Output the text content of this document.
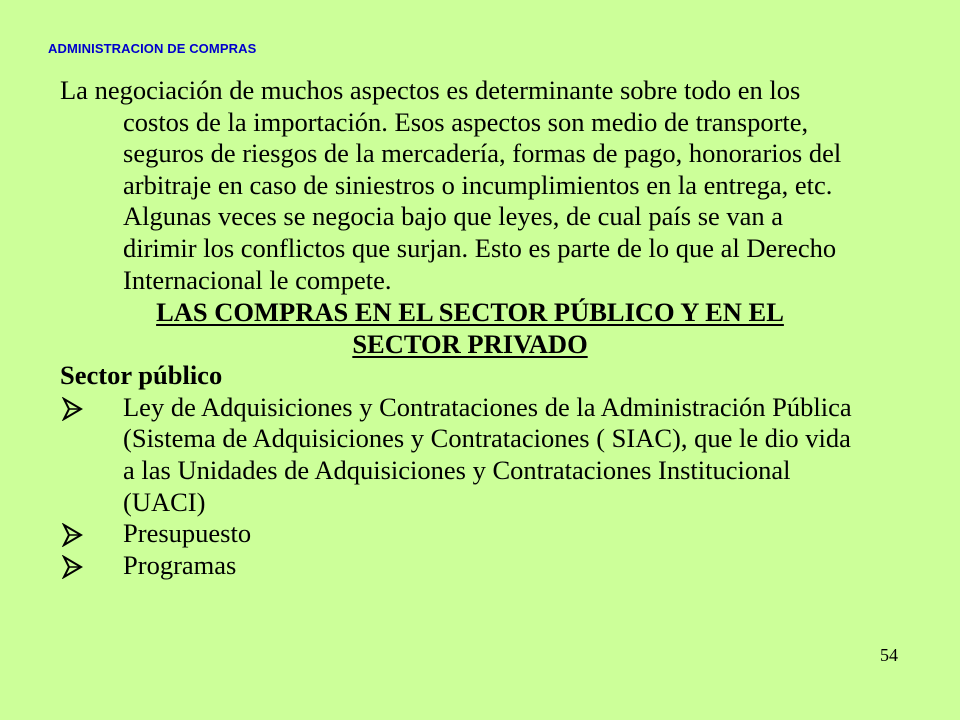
ADMINISTRACION DE COMPRAS

La negociación de muchos aspectos es determinante sobre todo en los costos de la importación. Esos aspectos son medio de transporte, seguros de riesgos de la mercadería, formas de pago, honorarios del arbitraje en caso de siniestros o incumplimientos en la entrega, etc. Algunas veces se negocia bajo que leyes, de cual país se van a dirimir los conflictos que surjan. Esto es parte de lo que al Derecho Internacional le compete.

LAS COMPRAS EN EL SECTOR PÚBLICO Y EN EL

SECTOR PRIVADO

Sector público

Ley de Adquisiciones y Contrataciones de la Administración Pública (Sistema de Adquisiciones y Contrataciones ( SIAC), que le dio vida a las Unidades de Adquisiciones y Contrataciones Institucional (UACI)
Presupuesto
Programas
54
